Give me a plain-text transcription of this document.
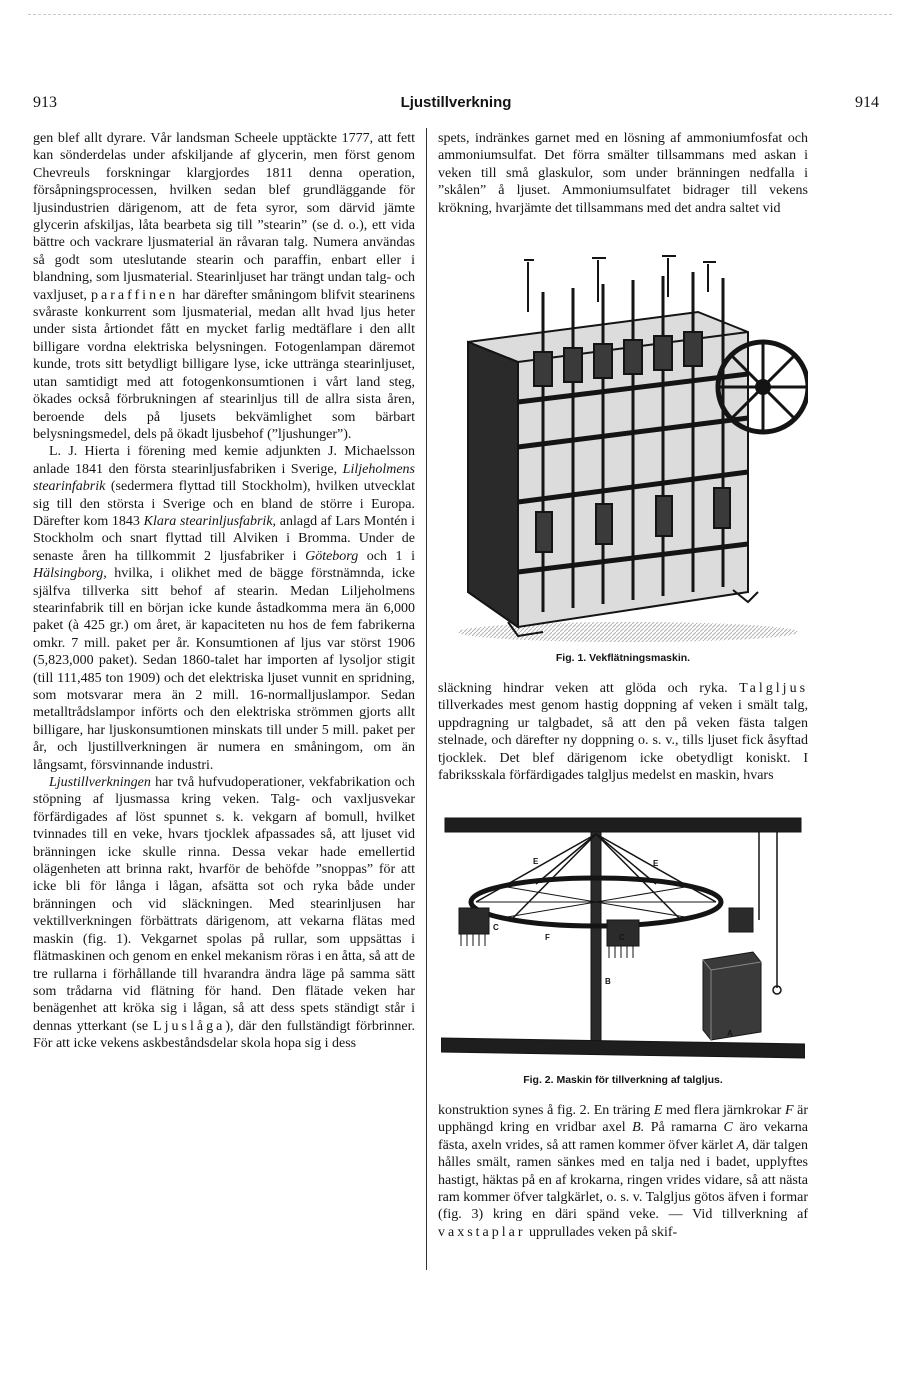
913	Ljustillverkning	914

gen blef allt dyrare. Vår landsman Scheele upptäckte 1777, att fett kan sönderdelas under afskiljande af glycerin, men först genom Chevreuls forskningar klargjordes 1811 denna operation, försåpningsprocessen, hvilken sedan blef grundläggande för ljusindustrien därigenom, att de feta syror, som därvid jämte glycerin afskiljas, låta bearbeta sig till ”stearin” (se d. o.), ett vida bättre och vackrare ljusmaterial än råvaran talg. Numera användas så godt som uteslutande stearin och paraffin, enbart eller i blandning, som ljusmaterial. Stearinljuset har trängt undan talg- och vaxljuset, paraffinen har därefter småningom blifvit stearinens svåraste konkurrent som ljusmaterial, medan allt hvad ljus heter under sista årtiondet fått en mycket farlig medtäflare i den allt billigare vordna elektriska belysningen. Fotogenlampan däremot kunde, trots sitt betydligt billigare lyse, icke uttränga stearinljuset, utan samtidigt med att fotogenkonsumtionen i vårt land steg, ökades också förbrukningen af stearinljus till de allra sista åren, beroende dels på ljusets bekvämlighet som bärbart belysningsmedel, dels på ökadt ljusbehof (”ljushunger”).

L. J. Hierta i förening med kemie adjunkten J. Michaelsson anlade 1841 den första stearinljusfabriken i Sverige, Liljeholmens stearinfabrik (sedermera flyttad till Stockholm), hvilken utvecklat sig till den största i Sverige och en bland de större i Europa. Därefter kom 1843 Klara stearinljusfabrik, anlagd af Lars Montén i Stockholm och snart flyttad till Alviken i Bromma. Under de senaste åren ha tillkommit 2 ljusfabriker i Göteborg och 1 i Hälsingborg, hvilka, i olikhet med de bägge förstnämnda, icke själfva tillverka sitt behof af stearin. Medan Liljeholmens stearinfabrik till en början icke kunde åstadkomma mera än 6,000 paket (à 425 gr.) om året, är kapaciteten nu hos de fem fabrikerna omkr. 7 mill. paket per år. Konsumtionen af ljus var störst 1906 (5,823,000 paket). Sedan 1860-talet har importen af lysoljor stigit (till 111,485 ton 1909) och det elektriska ljuset vunnit en spridning, som motsvarar mera än 2 mill. 16-normalljuslampor. Sedan metalltrådslampor införts och den elektriska strömmen gjorts allt billigare, har ljuskonsumtionen minskats till under 5 mill. paket per år, och ljustillverkningen är numera en småningom, om än långsamt, försvinnande industri.

Ljustillverkningen har två hufvudoperationer, vekfabrikation och stöpning af ljusmassa kring veken. Talg- och vaxljusvekar förfärdigades af löst spunnet s. k. vekgarn af bomull, hvilket tvinnades till en veke, hvars tjocklek afpassades så, att ljuset vid bränningen icke skulle rinna. Dessa vekar hade emellertid olägenheten att brinna rakt, hvarför de behöfde ”snoppas” för att icke bli för långa i lågan, afsätta sot och ryka både under bränningen och vid släckningen. Med stearinljusen har vektillverkningen förbättrats därigenom, att vekarna flätas med maskin (fig. 1). Vekgarnet spolas på rullar, som uppsättas i flätmaskinen och genom en enkel mekanism röras i en åtta, så att de tre rullarna i förhållande till hvarandra ändra läge på samma sätt som trådarna vid flätning för hand. Den flätade veken har benägenhet att kröka sig i lågan, så att dess spets ständigt står i dennas ytterkant (se Ljuslåga), där den fullständigt förbrinner. För att icke vekens askbeståndsdelar skola hopa sig i dess

spets, indränkes garnet med en lösning af ammoniumfosfat och ammoniumsulfat. Det förra smälter tillsammans med askan i veken till små glaskulor, som under bränningen nedfalla i ”skålen” å ljuset. Ammoniumsulfatet bidrager till vekens krökning, hvarjämte det tillsammans med det andra saltet vid

Fig. 1. Vekflätningsmaskin.

släckning hindrar veken att glöda och ryka. Talgljus tillverkades mest genom hastig doppning af veken i smält talg, uppdragning ur talgbadet, så att den på veken fästa talgen stelnade, och därefter ny doppning o. s. v., tills ljuset fick åsyftad tjocklek. Det blef därigenom icke obetydligt koniskt. I fabriksskala förfärdigades talgljus medelst en maskin, hvars

E	E
F
C
C
B
A
Fig. 2. Maskin för tillverkning af talgljus.

konstruktion synes å fig. 2. En träring E med flera järnkrokar F är upphängd kring en vridbar axel B. På ramarna C äro vekarna fästa, axeln vrides, så att ramen kommer öfver kärlet A, där talgen hålles smält, ramen sänkes med en talja ned i badet, upplyftes hastigt, häktas på en af krokarna, ringen vrides vidare, så att nästa ram kommer öfver talgkärlet, o. s. v. Talgljus götos äfven i formar (fig. 3) kring en däri spänd veke. — Vid tillverkning af vaxstaplar upprullades veken på skif-
